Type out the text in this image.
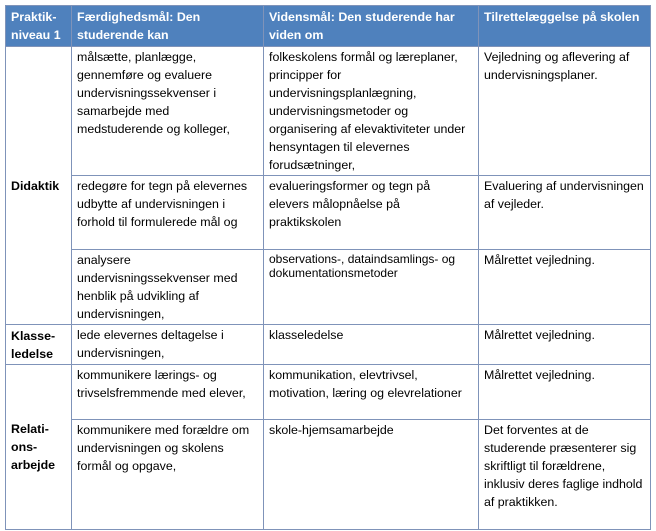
Praktik-
niveau 1	Færdighedsmål: Den studerende kan	Vidensmål: Den studerende har viden om	Tilrettelæggelse på skolen
Didaktik	målsætte, planlægge, gennemføre og evaluere undervisningssekvenser i samarbejde med medstuderende og kolleger,	folkeskolens formål og læreplaner, principper for undervisningsplanlægning, undervisningsmetoder og organisering af elevaktiviteter under hensyntagen til elevernes forudsætninger,	Vejledning og aflevering af undervisningsplaner.
	redegøre for tegn på elevernes udbytte af undervisningen i forhold til formulerede mål og	evalueringsformer og tegn på elevers målopnåelse på praktikskolen	Evaluering af undervisningen af vejleder.
	analysere undervisningssekvenser med henblik på udvikling af undervisningen,	observations-, dataindsamlings- og dokumentationsmetoder	Målrettet vejledning.
Klasse-
ledelse	lede elevernes deltagelse i undervisningen,	klasseledelse	Målrettet vejledning.
Relati-
ons-
arbejde	kommunikere lærings- og trivselsfremmende med elever,	kommunikation, elevtrivsel, motivation, læring og elevrelationer	Målrettet vejledning.
	kommunikere med forældre om undervisningen og skolens formål og opgave,	skole-hjemsamarbejde	Det forventes at de studerende præsenterer sig skriftligt til forældrene, inklusiv deres faglige indhold af praktikken.
